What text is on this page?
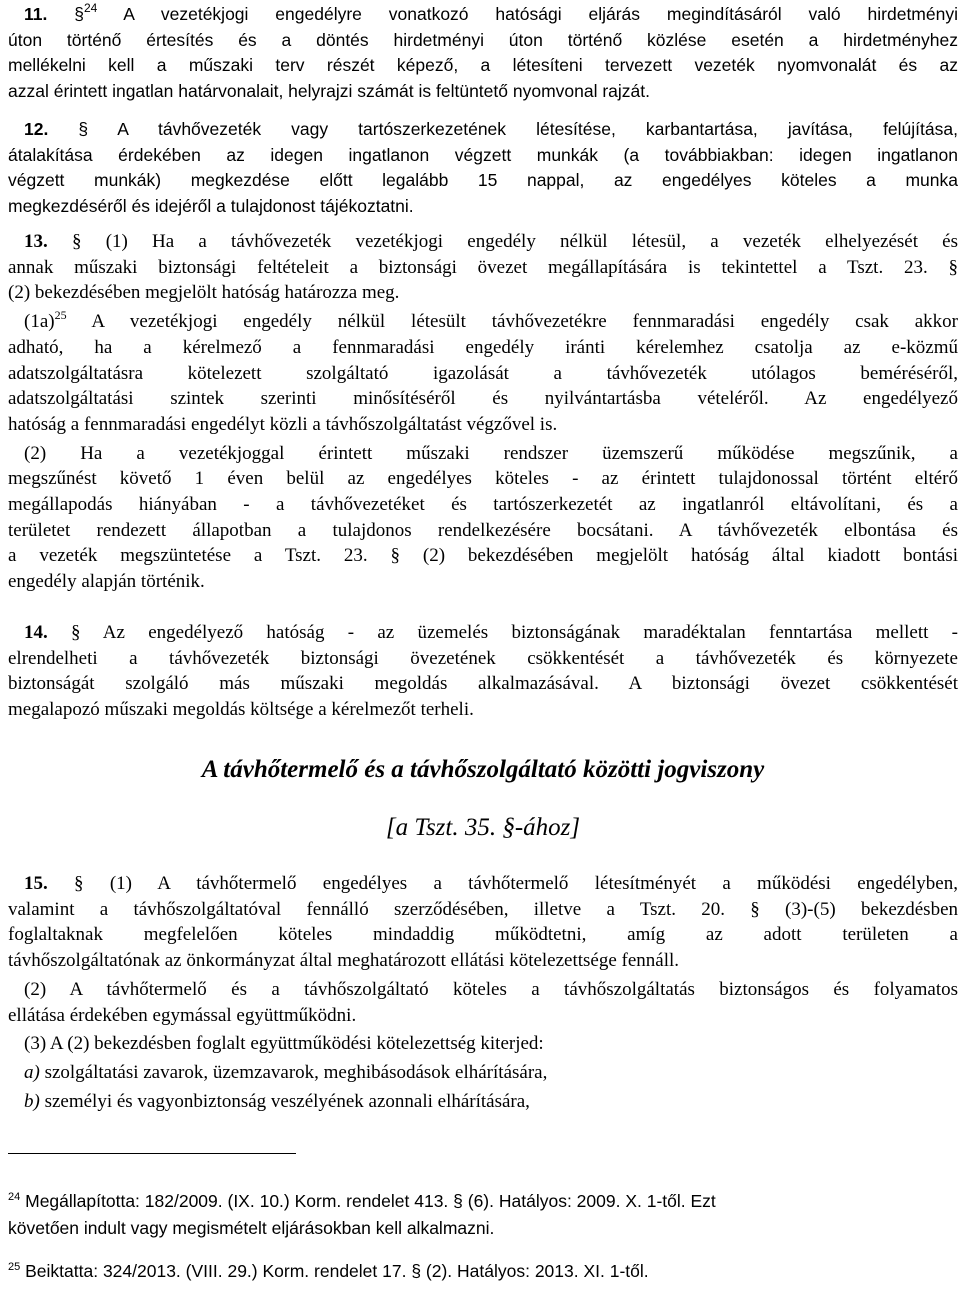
11. §$^{24}$ A vezetékjogi engedélyre vonatkozó hatósági eljárás megindításáról való hirdetményi

úton történő értesítés és a döntés hirdetményi úton történő közlése esetén a hirdetményhez

mellékelni kell a műszaki terv részét képező, a létesíteni tervezett vezeték nyomvonalát és az

azzal érintett ingatlan határvonalait, helyrajzi számát is feltüntető nyomvonal rajzát.

12. § A távhővezeték vagy tartószerkezetének létesítése, karbantartása, javítása, felújítása,

átalakítása érdekében az idegen ingatlanon végzett munkák (a továbbiakban: idegen ingatlanon

végzett munkák) megkezdése előtt legalább 15 nappal, az engedélyes köteles a munka

megkezdéséről és idejéről a tulajdonost tájékoztatni.

13. § (1) Ha a távhővezeték vezetékjogi engedély nélkül létesül, a vezeték elhelyezését és

annak műszaki biztonsági feltételeit a biztonsági övezet megállapítására is tekintettel a Tszt. 23. §

(2) bekezdésében megjelölt hatóság határozza meg.

$(1a)^{25}$ A vezetékjogi engedély nélkül létesült távhővezetékre fennmaradási engedély csak akkor

adható, ha a kérelmező a fennmaradási engedély iránti kérelemhez csatolja az e-közmű

adatszolgáltatásra kötelezett szolgáltató igazolását a távhővezeték utólagos beméréséről,

adatszolgáltatási szintek szerinti minősítéséről és nyilvántartásba vételéről. Az engedélyező

hatóság a fennmaradási engedélyt közli a távhőszolgáltatást végzővel is.

(2) Ha a vezetékjoggal érintett műszaki rendszer üzemszerű működése megszűnik, a

megszűnést követő 1 éven belül az engedélyes köteles - az érintett tulajdonossal történt eltérő

megállapodás hiányában - a távhővezetéket és tartószerkezetét az ingatlanról eltávolítani, és a

területet rendezett állapotban a tulajdonos rendelkezésére bocsátani. A távhővezeték elbontása és

a vezeték megszüntetése a Tszt. 23. § (2) bekezdésében megjelölt hatóság által kiadott bontási

engedély alapján történik.

14. § Az engedélyező hatóság - az üzemelés biztonságának maradéktalan fenntartása mellett -

elrendelheti a távhővezeték biztonsági övezetének csökkentését a távhővezeték és környezete

biztonságát szolgáló más műszaki megoldás alkalmazásával. A biztonsági övezet csökkentését

megalapozó műszaki megoldás költsége a kérelmezőt terheli.

A távhőtermelő és a távhőszolgáltató közötti jogviszony
[a Tszt. 35. §-ához]

15. § (1) A távhőtermelő engedélyes a távhőtermelő létesítményét a működési engedélyben,

valamint a távhőszolgáltatóval fennálló szerződésében, illetve a Tszt. 20. § (3)-(5) bekezdésben

foglaltaknak megfelelően köteles mindaddig működtetni, amíg az adott területen a

távhőszolgáltatónak az önkormányzat által meghatározott ellátási kötelezettsége fennáll.

(2) A távhőtermelő és a távhőszolgáltató köteles a távhőszolgáltatás biztonságos és folyamatos

ellátása érdekében egymással együttműködni.

(3) A (2) bekezdésben foglalt együttműködési kötelezettség kiterjed:

a) szolgáltatási zavarok, üzemzavarok, meghibásodások elhárítására,

b) személyi és vagyonbiztonság veszélyének azonnali elhárítására,

$^{24}$ Megállapította: 182/2009. (IX. 10.) Korm. rendelet 413. § (6). Hatályos: 2009. X. 1-től. Ezt

követően indult vagy megismételt eljárásokban kell alkalmazni.

$^{25}$ Beiktatta: 324/2013. (VIII. 29.) Korm. rendelet 17. § (2). Hatályos: 2013. XI. 1-től.
